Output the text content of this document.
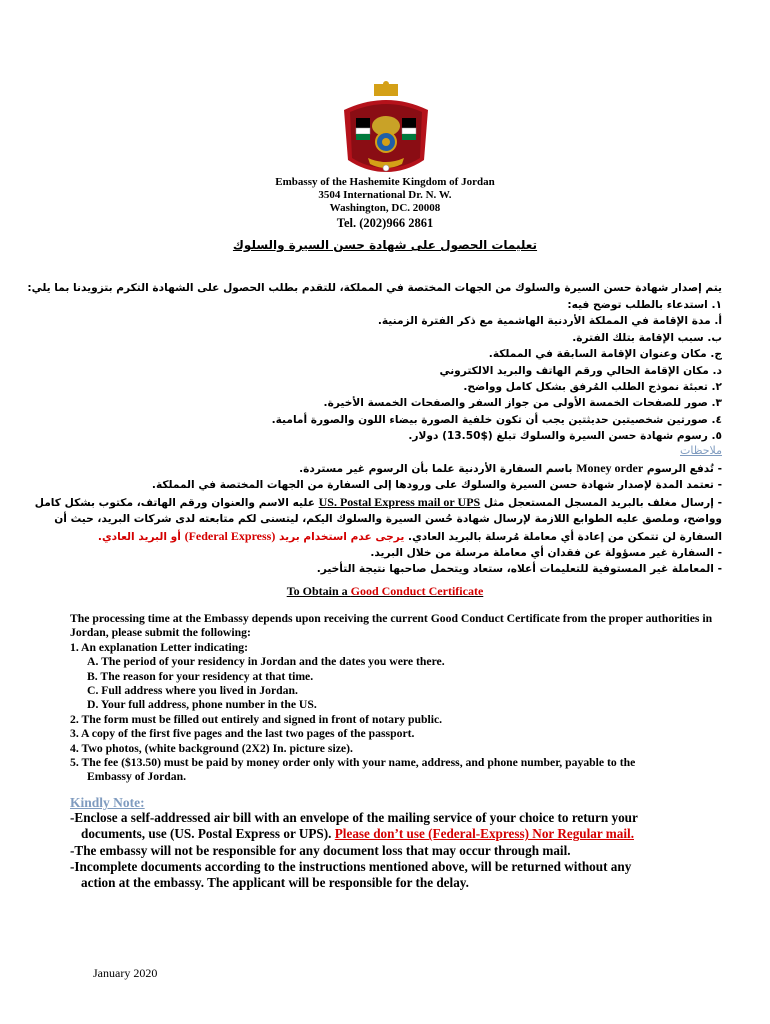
Embassy of the Hashemite Kingdom of Jordan
3504 International Dr. N. W.
Washington, DC. 20008
Tel. (202)966 2861
تعليمات الحصول على شهادة حسن السيرة والسلوك
يتم إصدار شهادة حسن السيرة والسلوك من الجهات المختصة في المملكة، للتقدم بطلب الحصول على الشهادة التكرم بتزويدنا بما يلي:
١. استدعاء بالطلب توضح فيه:
أ. مدة الإقامة في المملكة الأردنية الهاشمية مع ذكر الفترة الزمنية.
ب. سبب الإقامة بتلك الفترة.
ج. مكان وعنوان الإقامة السابقة في المملكة.
د. مكان الإقامة الحالي ورقم الهاتف والبريد الالكتروني
٢. تعبئة نموذج الطلب المُرفق بشكل كامل وواضح.
٣. صور للصفحات الخمسة الأولى من جواز السفر والصفحات الخمسة الأخيرة.
٤. صورتين شخصيتين حديثتين يجب أن تكون خلفية الصورة بيضاء اللون والصورة أمامية.
٥. رسوم شهادة حسن السيرة والسلوك تبلغ ($13.50) دولار.
ملاحظات
- تُدفع الرسوم Money order باسم السفارة الأردنية علما بأن الرسوم غير مستردة.
- تعتمد المدة لإصدار شهادة حسن السيرة والسلوك على ورودها إلى السفارة من الجهات المختصة في المملكة.
- إرسال مغلف بالبريد المسجل المستعجل مثل US. Postal Express mail or UPS عليه الاسم والعنوان ورقم الهاتف، مكتوب بشكل كامل وواضح، وملصق عليه الطوابع اللازمة لإرسال شهادة حُسن السيرة والسلوك اليكم، ليتسنى لكم متابعته لدى شركات البريد، حيث أن السفارة لن تتمكن من إعادة أي معاملة مُرسلة بالبريد العادي. يرجى عدم استخدام بريد (Federal Express) أو البريد العادي.
- السفارة غير مسؤولة عن فقدان أي معاملة مرسلة من خلال البريد.
- المعاملة غير المستوفية للتعليمات أعلاه، ستعاد ويتحمل صاحبها نتيجة التأخير.
To Obtain a Good Conduct Certificate
The processing time at the Embassy depends upon receiving the current Good Conduct Certificate from the proper authorities in Jordan, please submit the following:
1. An explanation Letter indicating:
A. The period of your residency in Jordan and the dates you were there.
B. The reason for your residency at that time.
C. Full address where you lived in Jordan.
D. Your full address, phone number in the US.
2. The form must be filled out entirely and signed in front of notary public.
3. A copy of the first five pages and the last two pages of the passport.
4. Two photos, (white background (2X2) In. picture size).
5. The fee ($13.50) must be paid by money order only with your name, address, and phone number, payable to the
Embassy of Jordan.
Kindly Note:
-Enclose a self-addressed air bill with an envelope of the mailing service of your choice to return your
documents, use (US. Postal Express or UPS). Please don’t use (Federal-Express) Nor Regular mail.
-The embassy will not be responsible for any document loss that may occur through mail.
-Incomplete documents according to the instructions mentioned above, will be returned without any
action at the embassy. The applicant will be responsible for the delay.
January 2020
